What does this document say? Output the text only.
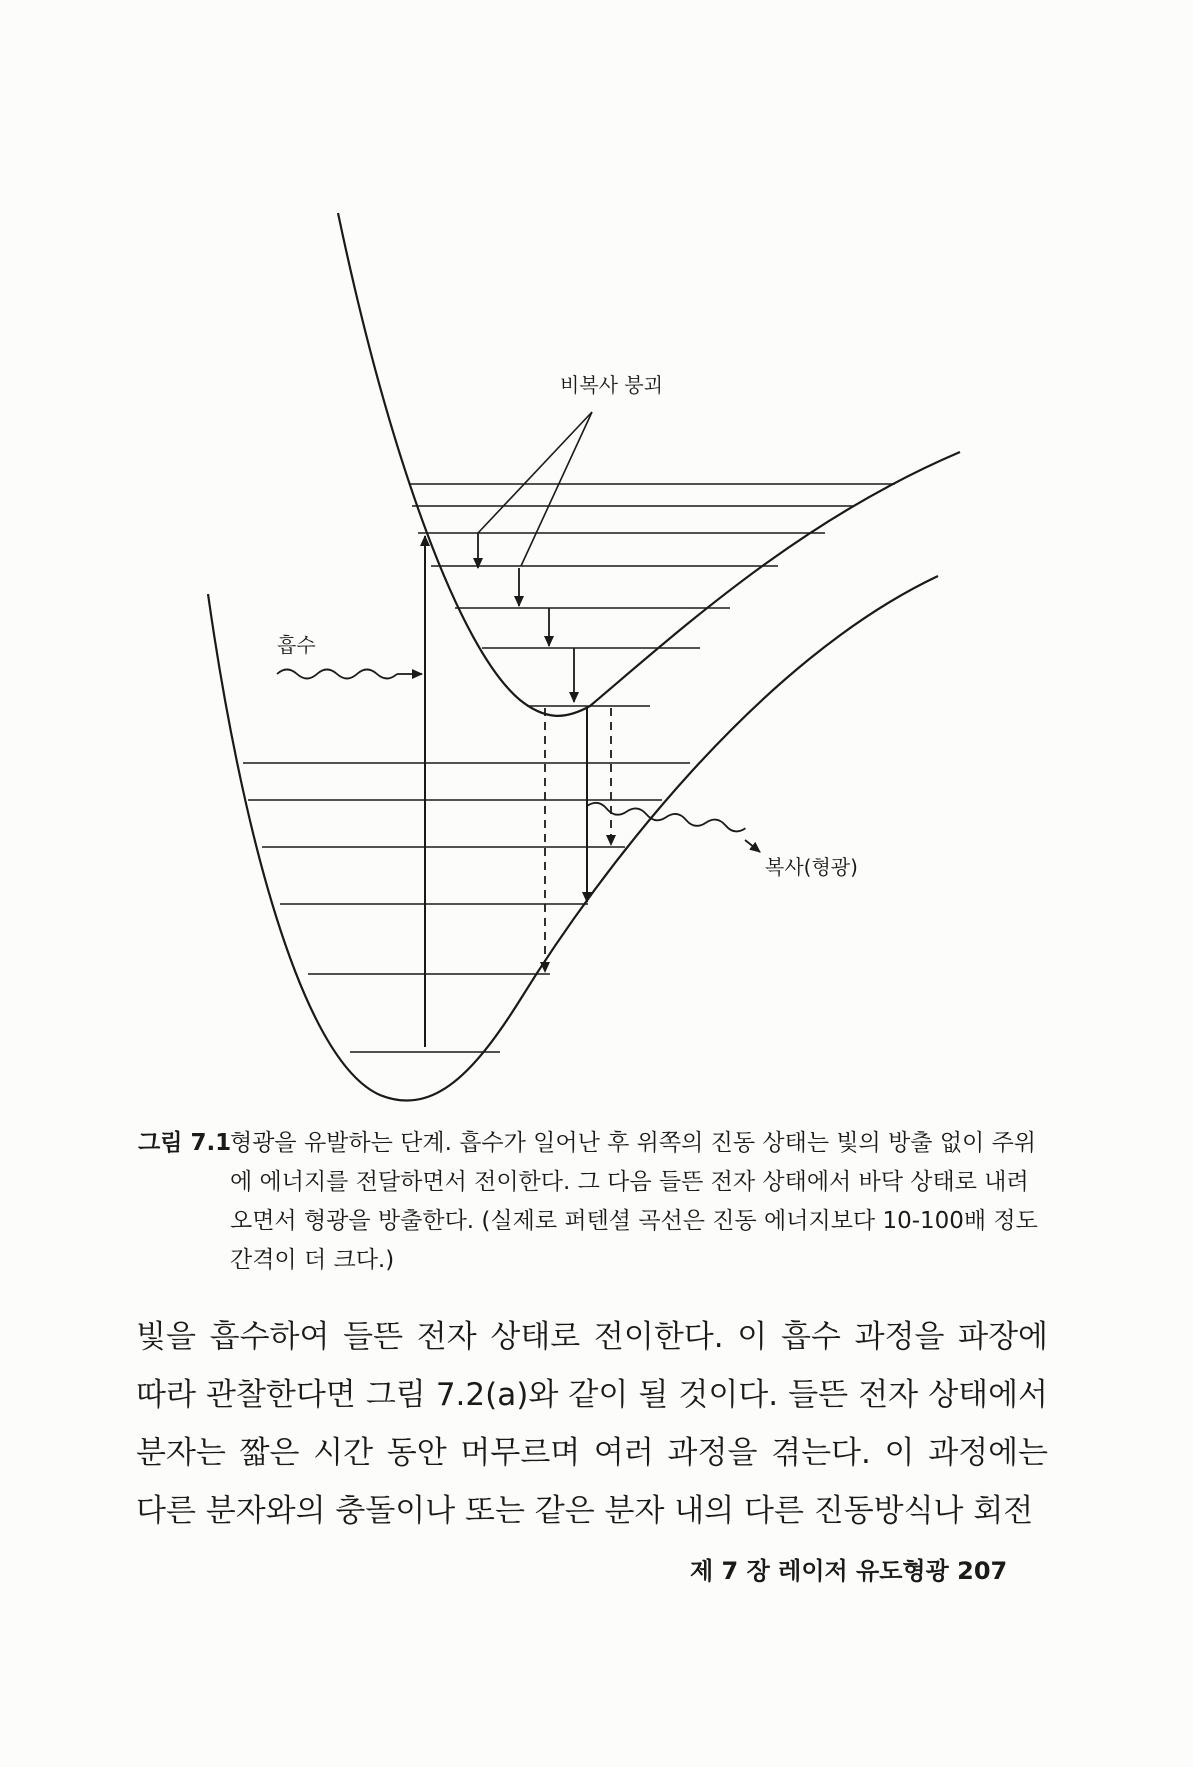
비복사 붕괴
흡수
복사(형광)
그림 7.1
형광을 유발하는 단계. 흡수가 일어난 후 위쪽의 진동 상태는 빛의 방출 없이 주위에 에너지를 전달하면서 전이한다. 그 다음 들뜬 전자 상태에서 바닥 상태로 내려오면서 형광을 방출한다. (실제로 퍼텐셜 곡선은 진동 에너지보다 10-100배 정도 간격이 더 크다.)
빛을 흡수하여 들뜬 전자 상태로 전이한다. 이 흡수 과정을 파장에 따라 관찰한다면 그림 7.2(a)와 같이 될 것이다. 들뜬 전자 상태에서 분자는 짧은 시간 동안 머무르며 여러 과정을 겪는다. 이 과정에는 다른 분자와의 충돌이나 또는 같은 분자 내의 다른 진동방식나 회전
제 7 장 레이저 유도형광 207
